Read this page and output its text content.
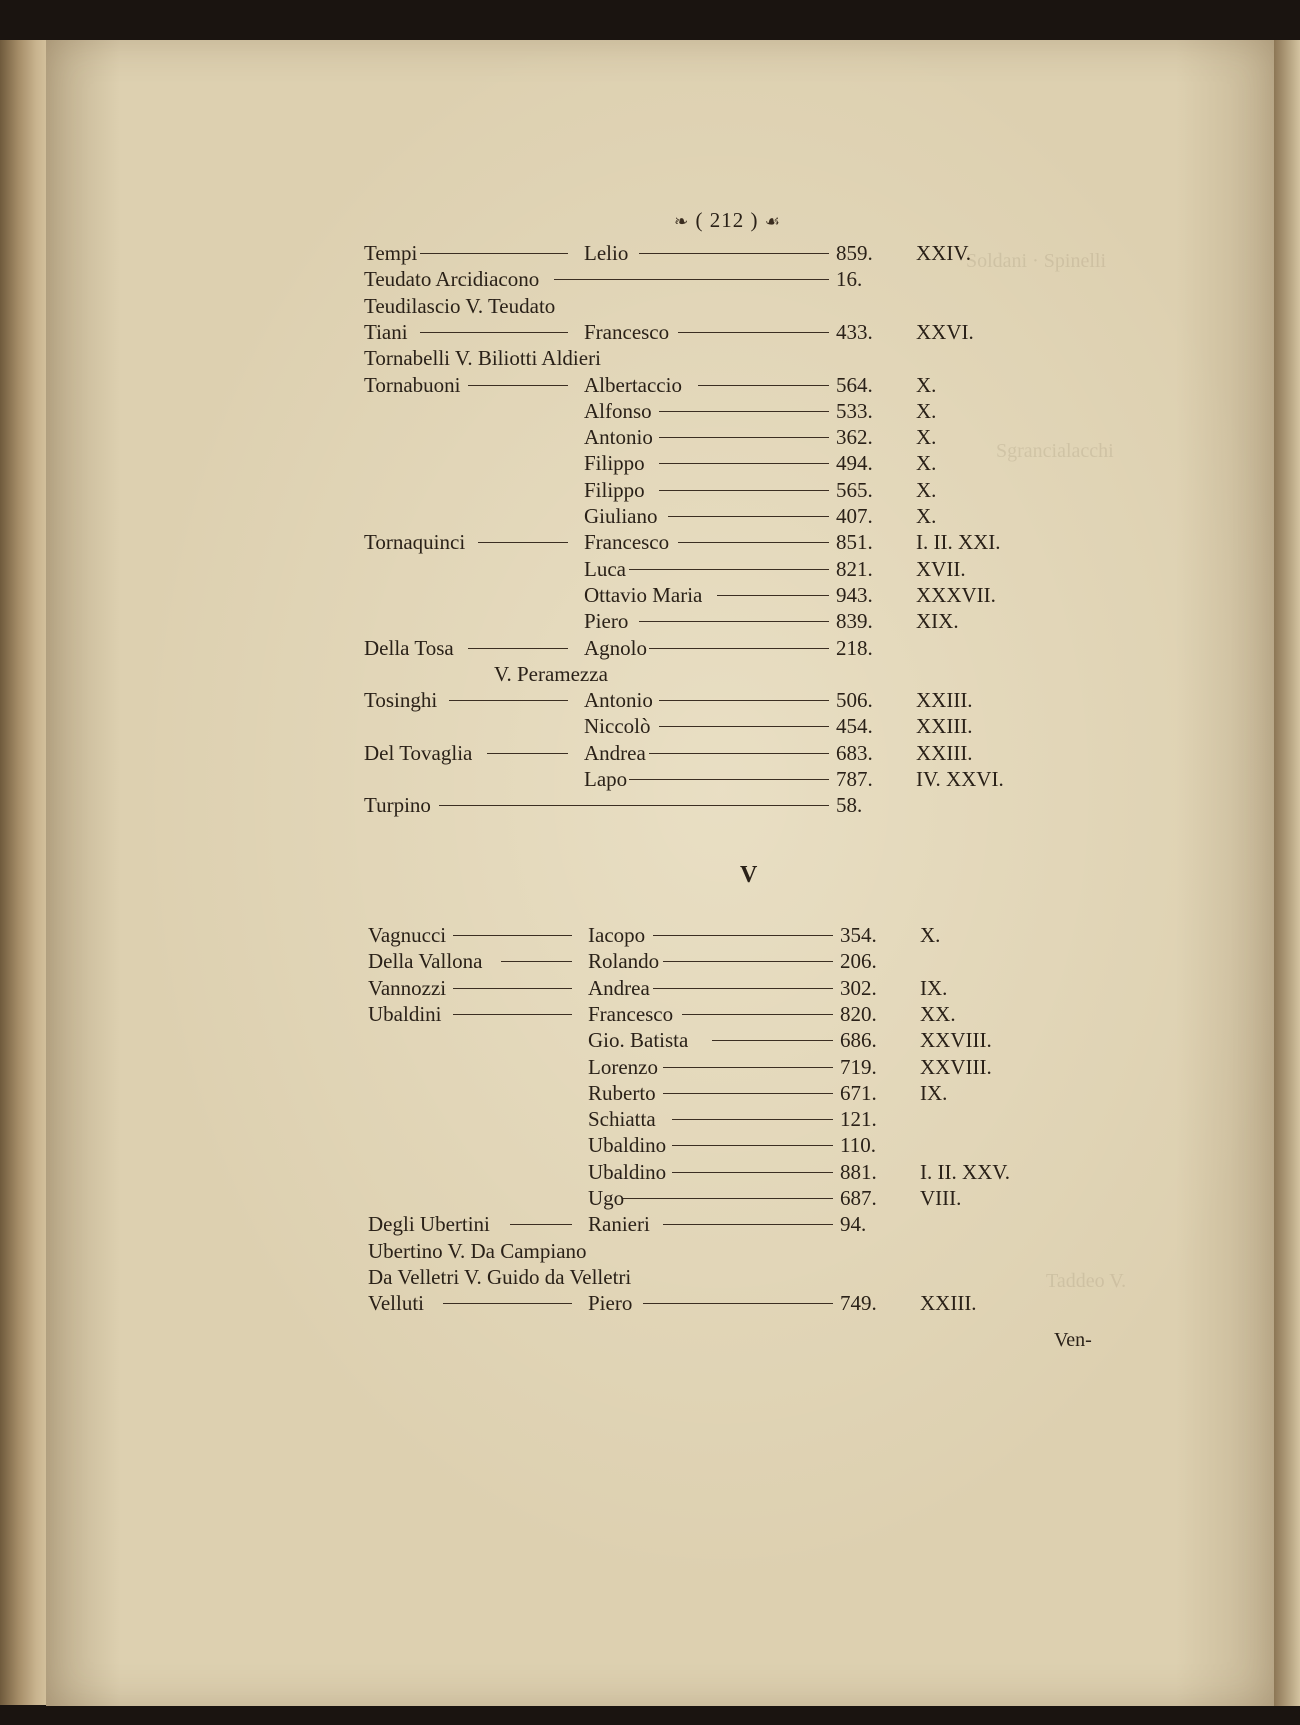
Soldani · Spinelli
Sgrancialacchi
Taddeo V.
❧ ( 212 ) ☙
Tempi	Lelio	859.	XXIV.
Teudato Arcidiacono	16.
Teudilascio V. Teudato
Tiani	Francesco	433.	XXVI.
Tornabelli V. Biliotti Aldieri
Tornabuoni	Albertaccio	564.	X.
Alfonso	533.	X.
Antonio	362.	X.
Filippo	494.	X.
Filippo	565.	X.
Giuliano	407.	X.
Tornaquinci	Francesco	851.	I. II. XXI.
Luca	821.	XVII.
Ottavio Maria	943.	XXXVII.
Piero	839.	XIX.
Della Tosa	Agnolo	218.
V. Peramezza
Tosinghi	Antonio	506.	XXIII.
Niccolò	454.	XXIII.
Del Tovaglia	Andrea	683.	XXIII.
Lapo	787.	IV. XXVI.
Turpino	58.
V
Vagnucci	Iacopo	354.	X.
Della Vallona	Rolando	206.
Vannozzi	Andrea	302.	IX.
Ubaldini	Francesco	820.	XX.
Gio. Batista	686.	XXVIII.
Lorenzo	719.	XXVIII.
Ruberto	671.	IX.
Schiatta	121.
Ubaldino	110.
Ubaldino	881.	I. II. XXV.
Ugo	687.	VIII.
Degli Ubertini	Ranieri	94.
Ubertino V. Da Campiano
Da Velletri V. Guido da Velletri
Velluti	Piero	749.	XXIII.
Ven-
